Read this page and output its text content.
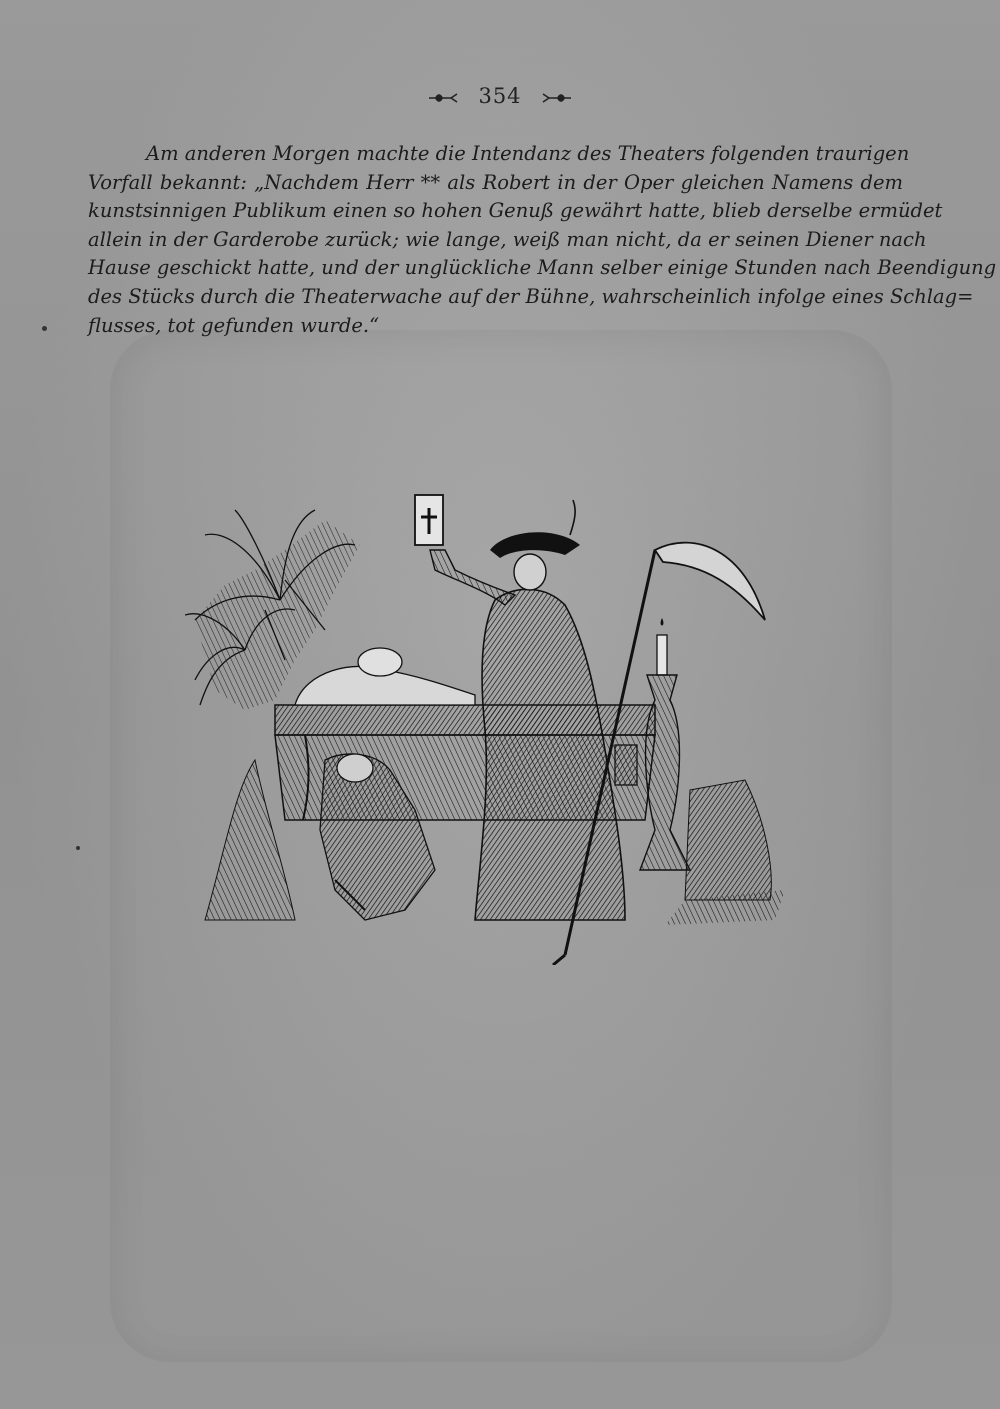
354
Am anderen Morgen machte die Intendanz des Theaters folgenden traurigen
Vorfall bekannt: „Nachdem Herr ** als Robert in der Oper gleichen Namens dem
kunstsinnigen Publikum einen so hohen Genuß gewährt hatte, blieb derselbe ermüdet
allein in der Garderobe zurück; wie lange, weiß man nicht, da er seinen Diener nach
Hause geschickt hatte, und der unglückliche Mann selber einige Stunden nach Beendigung
des Stücks durch die Theaterwache auf der Bühne, wahrscheinlich infolge eines Schlag=
flusses, tot gefunden wurde.“
